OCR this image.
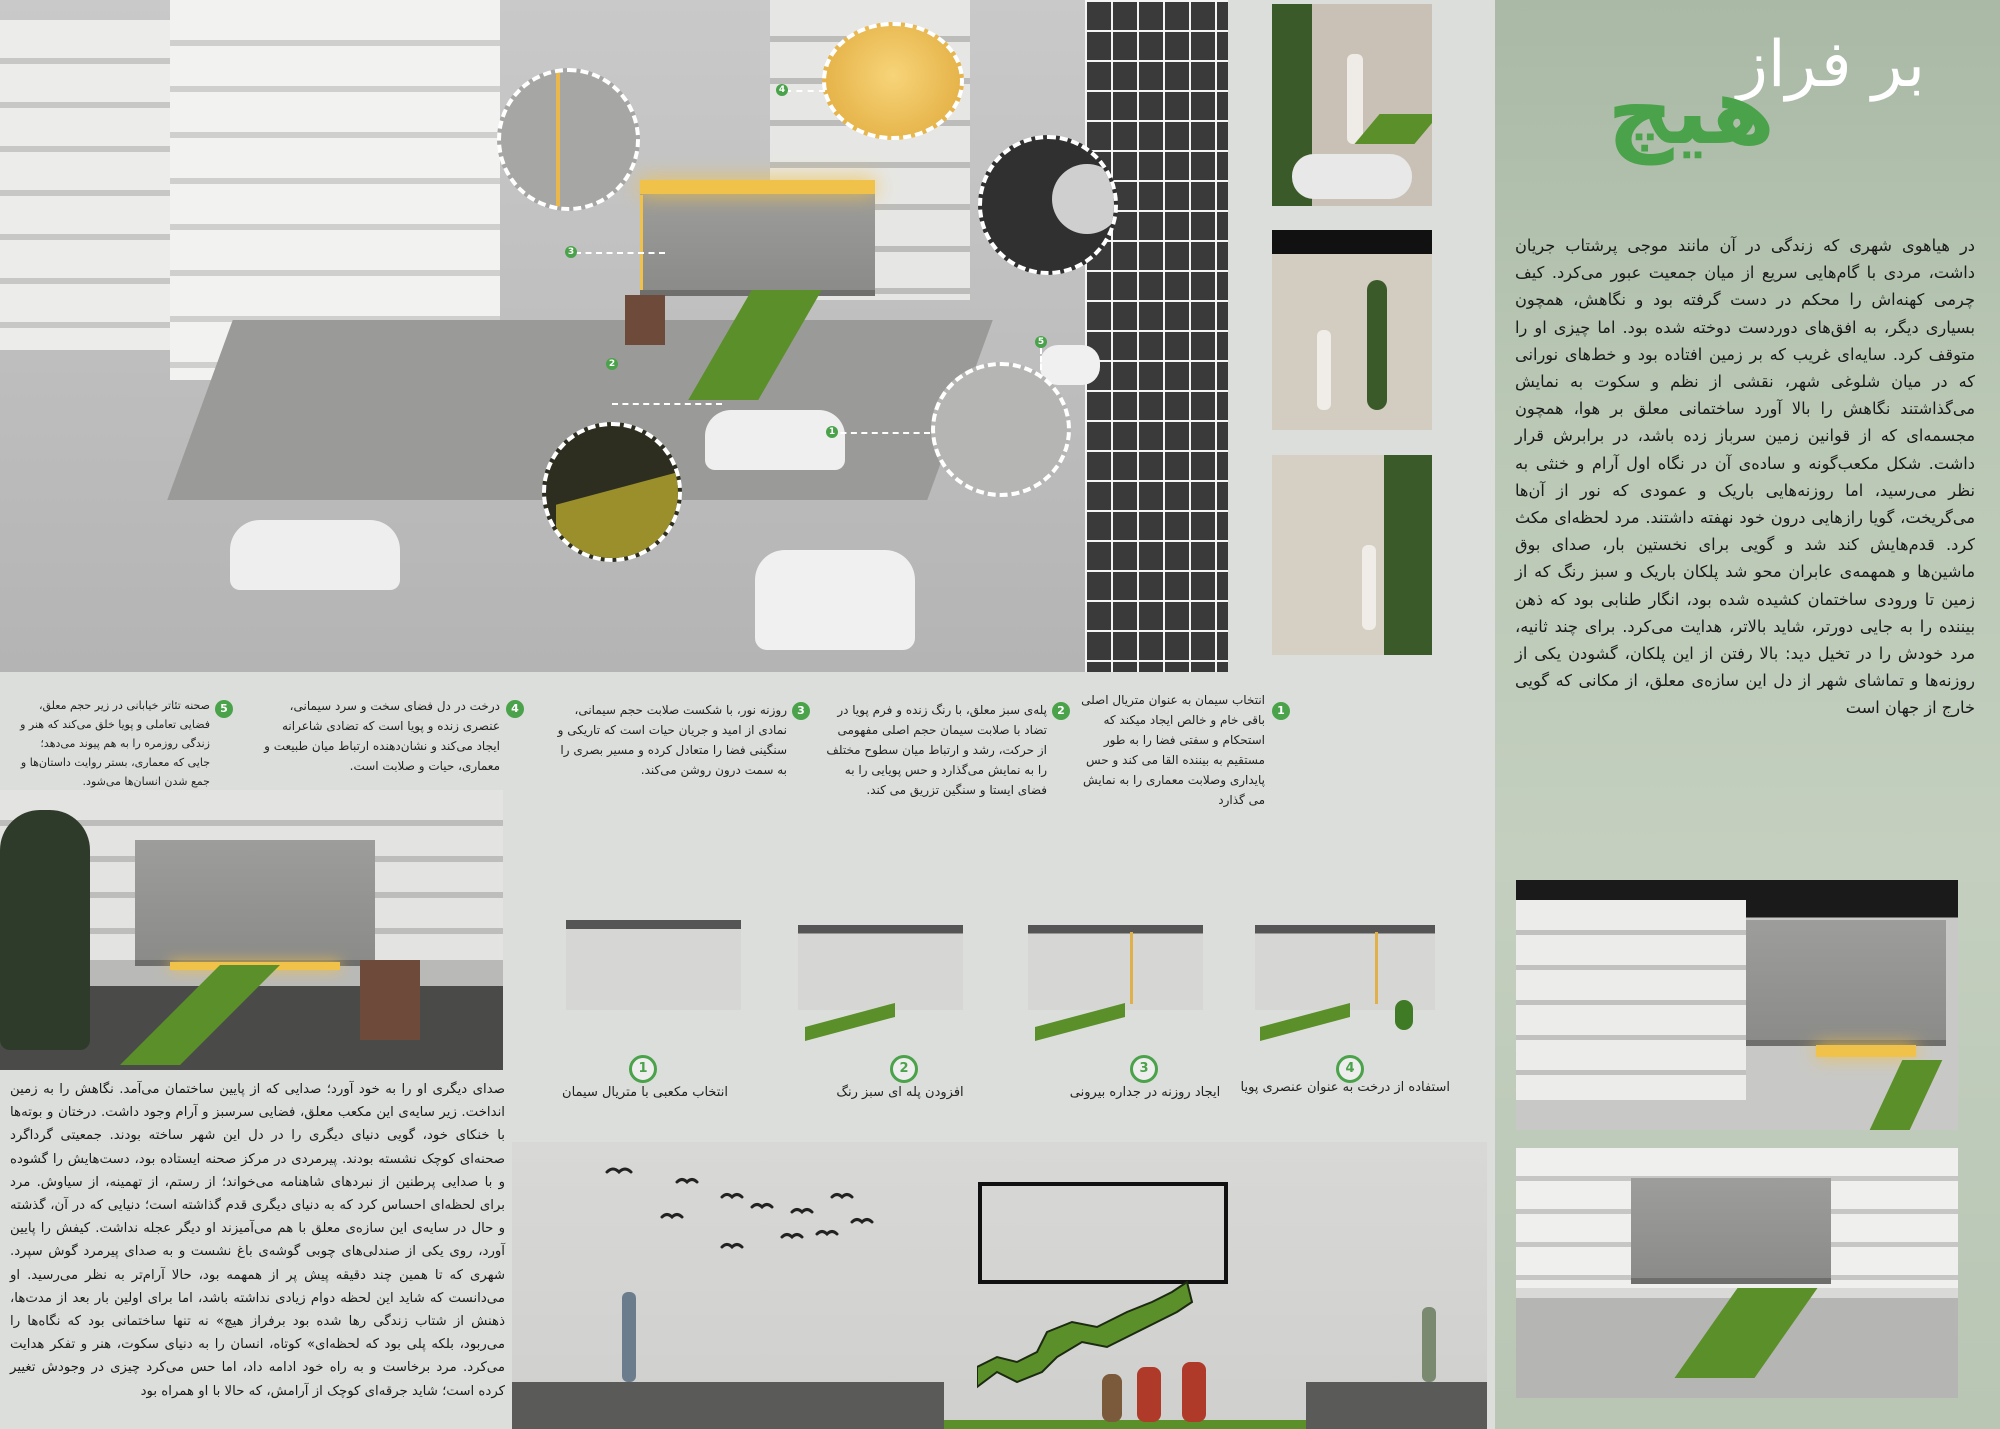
1
2
3
4
5
بر فراز
هیچ
در هیاهوی شهری که زندگی در آن مانند موجی پرشتاب جریان داشت، مردی با گام‌هایی سریع از میان جمعیت عبور می‌کرد. کیف چرمی کهنه‌اش را محکم در دست گرفته بود و نگاهش، همچون بسیاری دیگر، به افق‌های دوردست دوخته شده بود. اما چیزی او را متوقف کرد. سایه‌ای غریب که بر زمین افتاده بود و خط‌های نورانی که در میان شلوغی شهر، نقشی از نظم و سکوت به نمایش می‌گذاشتند نگاهش را بالا آورد ساختمانی معلق بر هوا، همچون مجسمه‌ای که از قوانین زمین سرباز زده باشد، در برابرش قرار داشت. شکل مکعب‌گونه و ساده‌ی آن در نگاه اول آرام و خنثی به نظر می‌رسید، اما روزنه‌هایی باریک و عمودی که نور از آن‌ها می‌گریخت، گویا رازهایی درون خود نهفته داشتند. مرد لحظه‌ای مکث کرد. قدم‌هایش کند شد و گویی برای نخستین بار، صدای بوق ماشین‌ها و همهمه‌ی عابران محو شد پلکان باریک و سبز رنگ که از زمین تا ورودی ساختمان کشیده شده بود، انگار طنابی بود که ذهن بیننده را به جایی دورتر، شاید بالاتر، هدایت می‌کرد. برای چند ثانیه، مرد خودش را در تخیل دید: بالا رفتن از این پلکان، گشودن یکی از روزنه‌ها و تماشای شهر از دل این سازه‌ی معلق، از مکانی که گویی خارج از جهان است
1
انتخاب سیمان به عنوان متریال اصلی باقی خام و خالص ایجاد میکند که استحکام و سفتی فضا را به طور مستقیم به بیننده القا می کند و حس پایداری وصلابت معماری را به نمایش می گذارد
2
پله‌ی سبز معلق، با رنگ زنده و فرم پویا در تضاد با صلابت سیمان حجم اصلی مفهومی از حرکت، رشد و ارتباط میان سطوح مختلف را به نمایش می‌گذارد و حس پویایی را به فضای ایستا و سنگین تزریق می کند.
3
روزنه نور، با شکست صلابت حجم سیمانی، نمادی از امید و جریان حیات است که تاریکی و سنگینی فضا را متعادل کرده و مسیر بصری را به سمت درون روشن می‌کند.
4
درخت در دل فضای سخت و سرد سیمانی، عنصری زنده و پویا است که تضادی شاعرانه ایجاد می‌کند و نشان‌دهنده ارتباط میان طبیعت و معماری، حیات و صلابت است.
5
صحنه تئاتر خیابانی در زیر حجم معلق، فضایی تعاملی و پویا خلق می‌کند که هنر و زندگی روزمره را به هم پیوند می‌دهد؛ جایی که معماری، بستر روایت داستان‌ها و جمع شدن انسان‌ها می‌شود.
1	2	3	4
انتخاب مکعبی با متریال سیمان	افزودن پله ای سبز رنگ	ایجاد روزنه در جداره بیرونی	استفاده از درخت به عنوان عنصری پویا
صدای دیگری او را به خود آورد؛ صدایی که از پایین ساختمان می‌آمد. نگاهش را به زمین انداخت. زیر سایه‌ی این مکعب معلق، فضایی سرسبز و آرام وجود داشت. درختان و بوته‌ها با خنکای خود، گویی دنیای دیگری را در دل این شهر ساخته بودند. جمعیتی گرداگرد صحنه‌ای کوچک نشسته بودند. پیرمردی در مرکز صحنه ایستاده بود، دست‌هایش را گشوده و با صدایی پرطنین از نبردهای شاهنامه می‌خواند؛ از رستم، از تهمینه، از سیاوش. مرد برای لحظه‌ای احساس کرد که به دنیای دیگری قدم گذاشته است؛ دنیایی که در آن، گذشته و حال در سایه‌ی این سازه‌ی معلق با هم می‌آمیزند او دیگر عجله نداشت. کیفش را پایین آورد، روی یکی از صندلی‌های چوبی گوشه‌ی باغ نشست و به صدای پیرمرد گوش سپرد. شهری که تا همین چند دقیقه پیش پر از همهمه بود، حالا آرام‌تر به نظر می‌رسید. او می‌دانست که شاید این لحظه دوام زیادی نداشته باشد، اما برای اولین بار بعد از مدت‌ها، ذهنش از شتاب زندگی رها شده بود برفراز هیچ» نه تنها ساختمانی بود که نگاه‌ها را می‌ربود، بلکه پلی بود که لحظه‌ای» کوتاه، انسان را به دنیای سکوت، هنر و تفکر هدایت می‌کرد. مرد برخاست و به راه خود ادامه داد، اما حس می‌کرد چیزی در وجودش تغییر کرده است؛ شاید جرقه‌ای کوچک از آرامش، که حالا با او همراه بود
